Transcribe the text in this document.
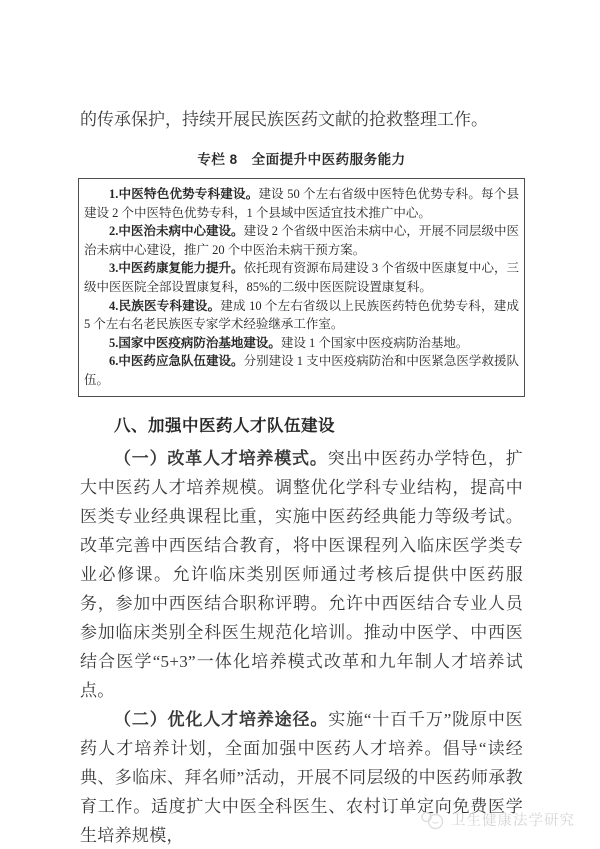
的传承保护，持续开展民族医药文献的抢救整理工作。

专栏 8　全面提升中医药服务能力

1.中医特色优势专科建设。建设 50 个左右省级中医特色优势专科。每个县建设 2 个中医特色优势专科，1 个县域中医适宜技术推广中心。

2.中医治未病中心建设。建设 2 个省级中医治未病中心，开展不同层级中医治未病中心建设，推广 20 个中医治未病干预方案。

3.中医药康复能力提升。依托现有资源布局建设 3 个省级中医康复中心，三级中医医院全部设置康复科，85%的二级中医医院设置康复科。

4.民族医专科建设。建成 10 个左右省级以上民族医药特色优势专科，建成 5 个左右名老民族医专家学术经验继承工作室。

5.国家中医疫病防治基地建设。建设 1 个国家中医疫病防治基地。

6.中医药应急队伍建设。分别建设 1 支中医疫病防治和中医紧急医学救援队伍。

八、加强中医药人才队伍建设

（一）改革人才培养模式。突出中医药办学特色，扩大中医药人才培养规模。调整优化学科专业结构，提高中医类专业经典课程比重，实施中医药经典能力等级考试。改革完善中西医结合教育，将中医课程列入临床医学类专业必修课。允许临床类别医师通过考核后提供中医药服务，参加中西医结合职称评聘。允许中西医结合专业人员参加临床类别全科医生规范化培训。推动中医学、中西医结合医学“5+3”一体化培养模式改革和九年制人才培养试点。

（二）优化人才培养途径。实施“十百千万”陇原中医药人才培养计划，全面加强中医药人才培养。倡导“读经典、多临床、拜名师”活动，开展不同层级的中医药师承教育工作。适度扩大中医全科医生、农村订单定向免费医学生培养规模，

卫生健康法学研究
